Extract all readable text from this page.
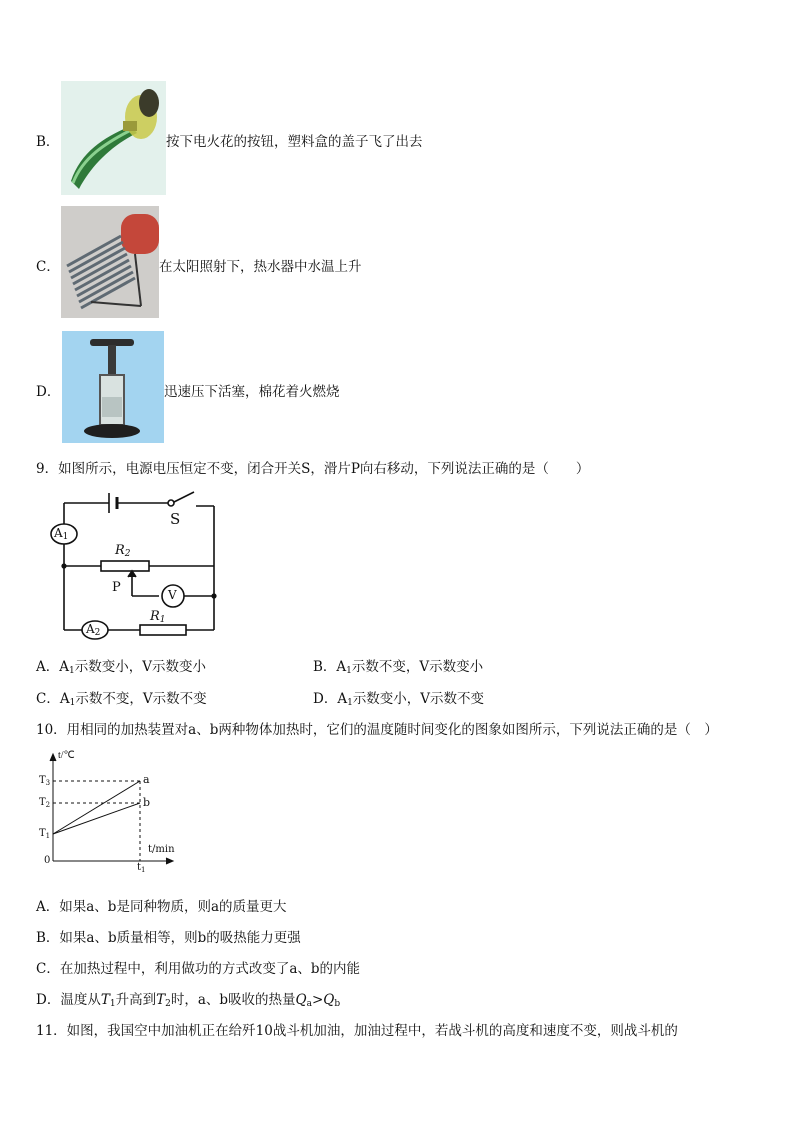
B．	按下电火花的按钮，塑料盒的盖子飞了出去
C．	在太阳照射下，热水器中水温上升
D．	迅速压下活塞，棉花着火燃烧
9．如图所示，电源电压恒定不变，闭合开关S，滑片P向右移动，下列说法正确的是（　　）
S
$A_1$
$R_2$
P	V
$A_2$
$R_1$
A．$A_1$示数变小，V示数变小	B．$A_1$示数不变，V示数变小
C．$A_1$示数不变，V示数不变	D．$A_1$示数变小，V示数不变
10．用相同的加热装置对a、b两种物体加热时，它们的温度随时间变化的图象如图所示，下列说法正确的是（　）
t/℃
t/min
0
$T_3$
$T_2$
$T_1$
$t_1$
a
b
A．如果a、b是同种物质，则a的质量更大
B．如果a、b质量相等，则b的吸热能力更强
C．在加热过程中，利用做功的方式改变了a、b的内能
D．温度从$T_1$升高到$T_2$时，a、b吸收的热量$Q_a>Q_b$
11．如图，我国空中加油机正在给歼10战斗机加油，加油过程中，若战斗机的高度和速度不变，则战斗机的
